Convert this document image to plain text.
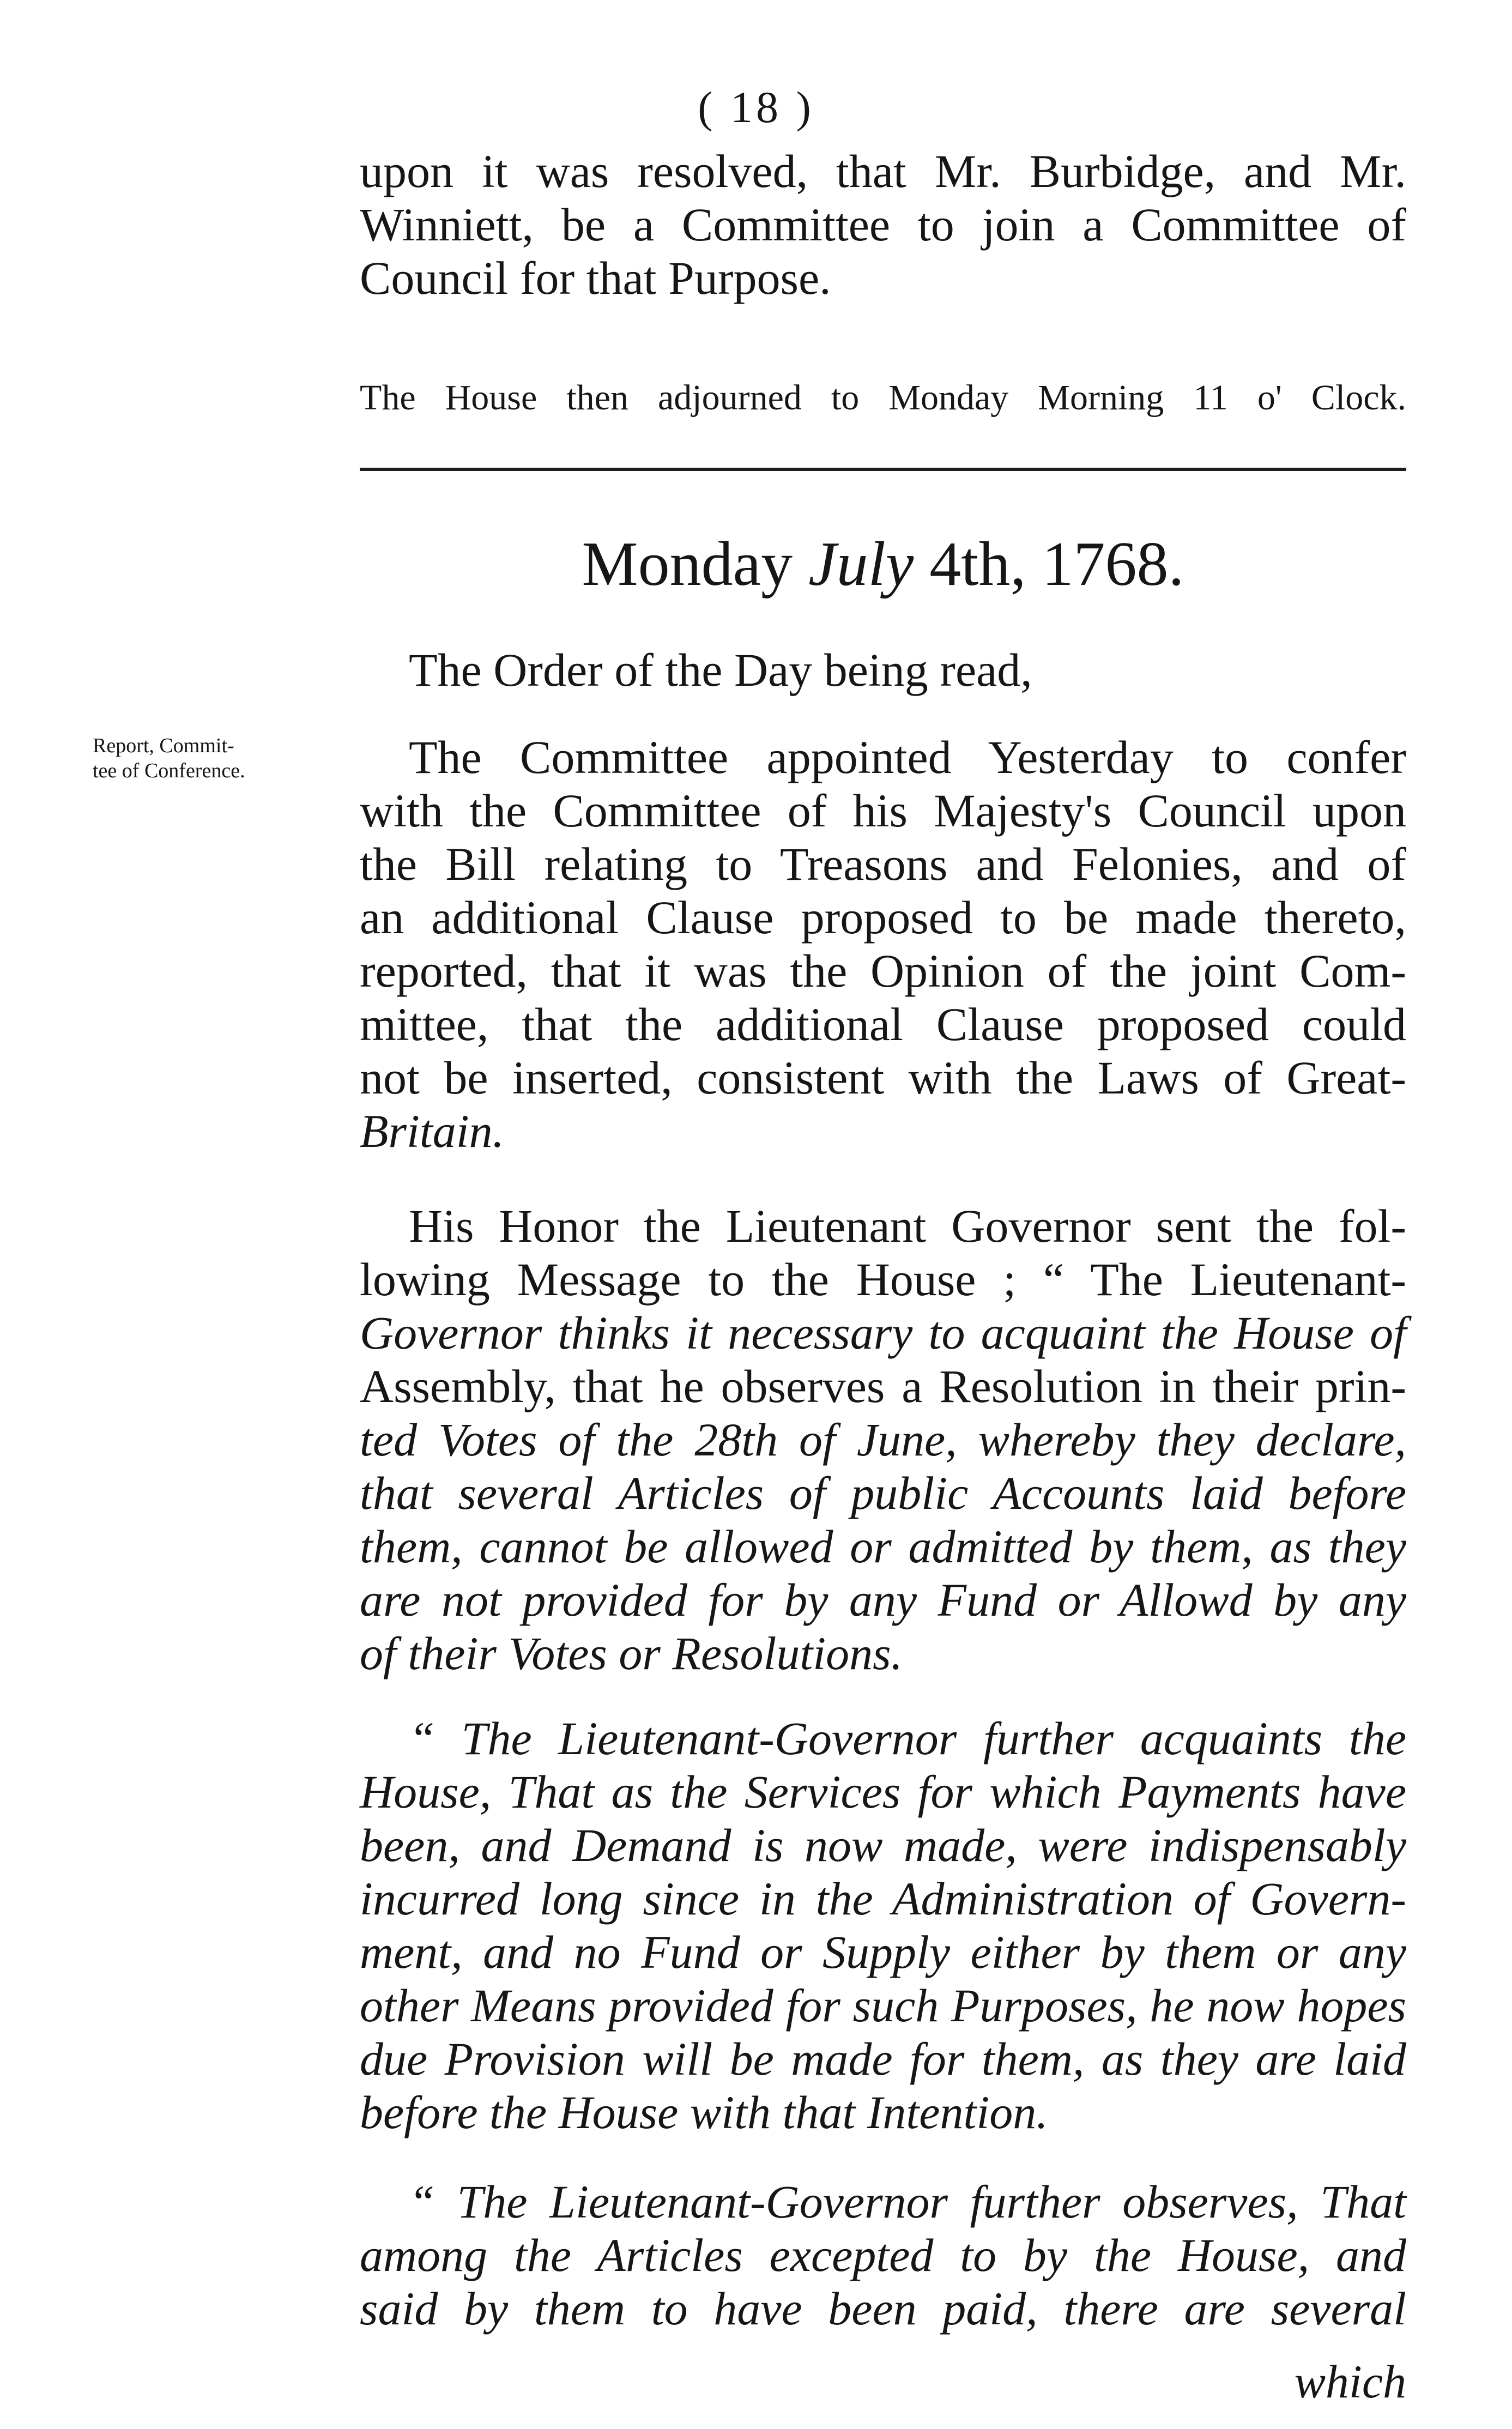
( 18 )
upon it was resolved, that Mr. Burbidge, and Mr.
Winniett, be a Committee to join a Committee of
Council for that Purpose.
The House then adjourned to Monday Morning 11 o' Clock.
Monday July 4th, 1768.
The Order of the Day being read,
Report, Commit-
tee of Conference.	The Committee appointed Yesterday to confer
with the Committee of his Majesty's Council upon
the Bill relating to Treasons and Felonies, and of
an additional Clause proposed to be made thereto,
reported, that it was the Opinion of the joint Com-
mittee, that the additional Clause proposed could
not be inserted, consistent with the Laws of Great-
Britain.
His Honor the Lieutenant Governor sent the fol-
lowing Message to the House ; “ The Lieutenant-
Governor thinks it necessary to acquaint the House of
Assembly, that he observes a Resolution in their prin-
ted Votes of the 28th of June, whereby they declare,
that several Articles of public Accounts laid before
them, cannot be allowed or admitted by them, as they
are not provided for by any Fund or Allowd by any
of their Votes or Resolutions.
“ The Lieutenant-Governor further acquaints the
House, That as the Services for which Payments have
been, and Demand is now made, were indispensably
incurred long since in the Administration of Govern-
ment, and no Fund or Supply either by them or any
other Means provided for such Purposes, he now hopes
due Provision will be made for them, as they are laid
before the House with that Intention.
“ The Lieutenant-Governor further observes, That
among the Articles excepted to by the House, and
said by them to have been paid, there are several
which
